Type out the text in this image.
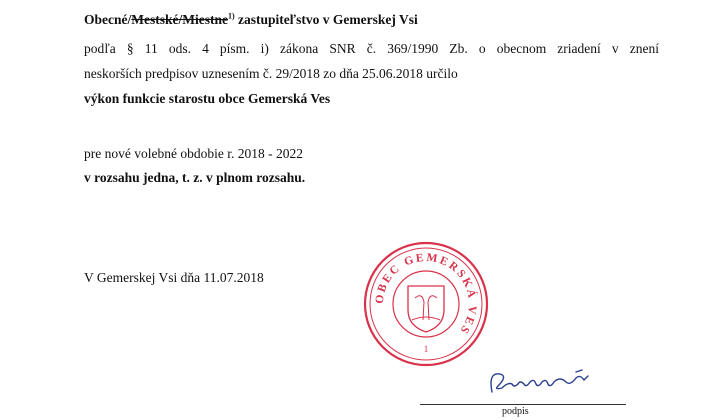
Obecné/Mestské/Miestne$^{1)}$ zastupiteľstvo v Gemerskej Vsi
podľa § 11 ods. 4 písm. i) zákona SNR č. 369/1990 Zb. o obecnom zriadení v znení
neskorších predpisov uznesením č. 29/2018 zo dňa 25.06.2018 určilo
výkon funkcie starostu obce Gemerská Ves
pre nové volebné obdobie r. 2018 - 2022
v rozsahu jedna, t. z. v plnom rozsahu.
V Gemerskej Vsi dňa 11.07.2018
OBEC GEMERSKÁ VES
1
podpis
